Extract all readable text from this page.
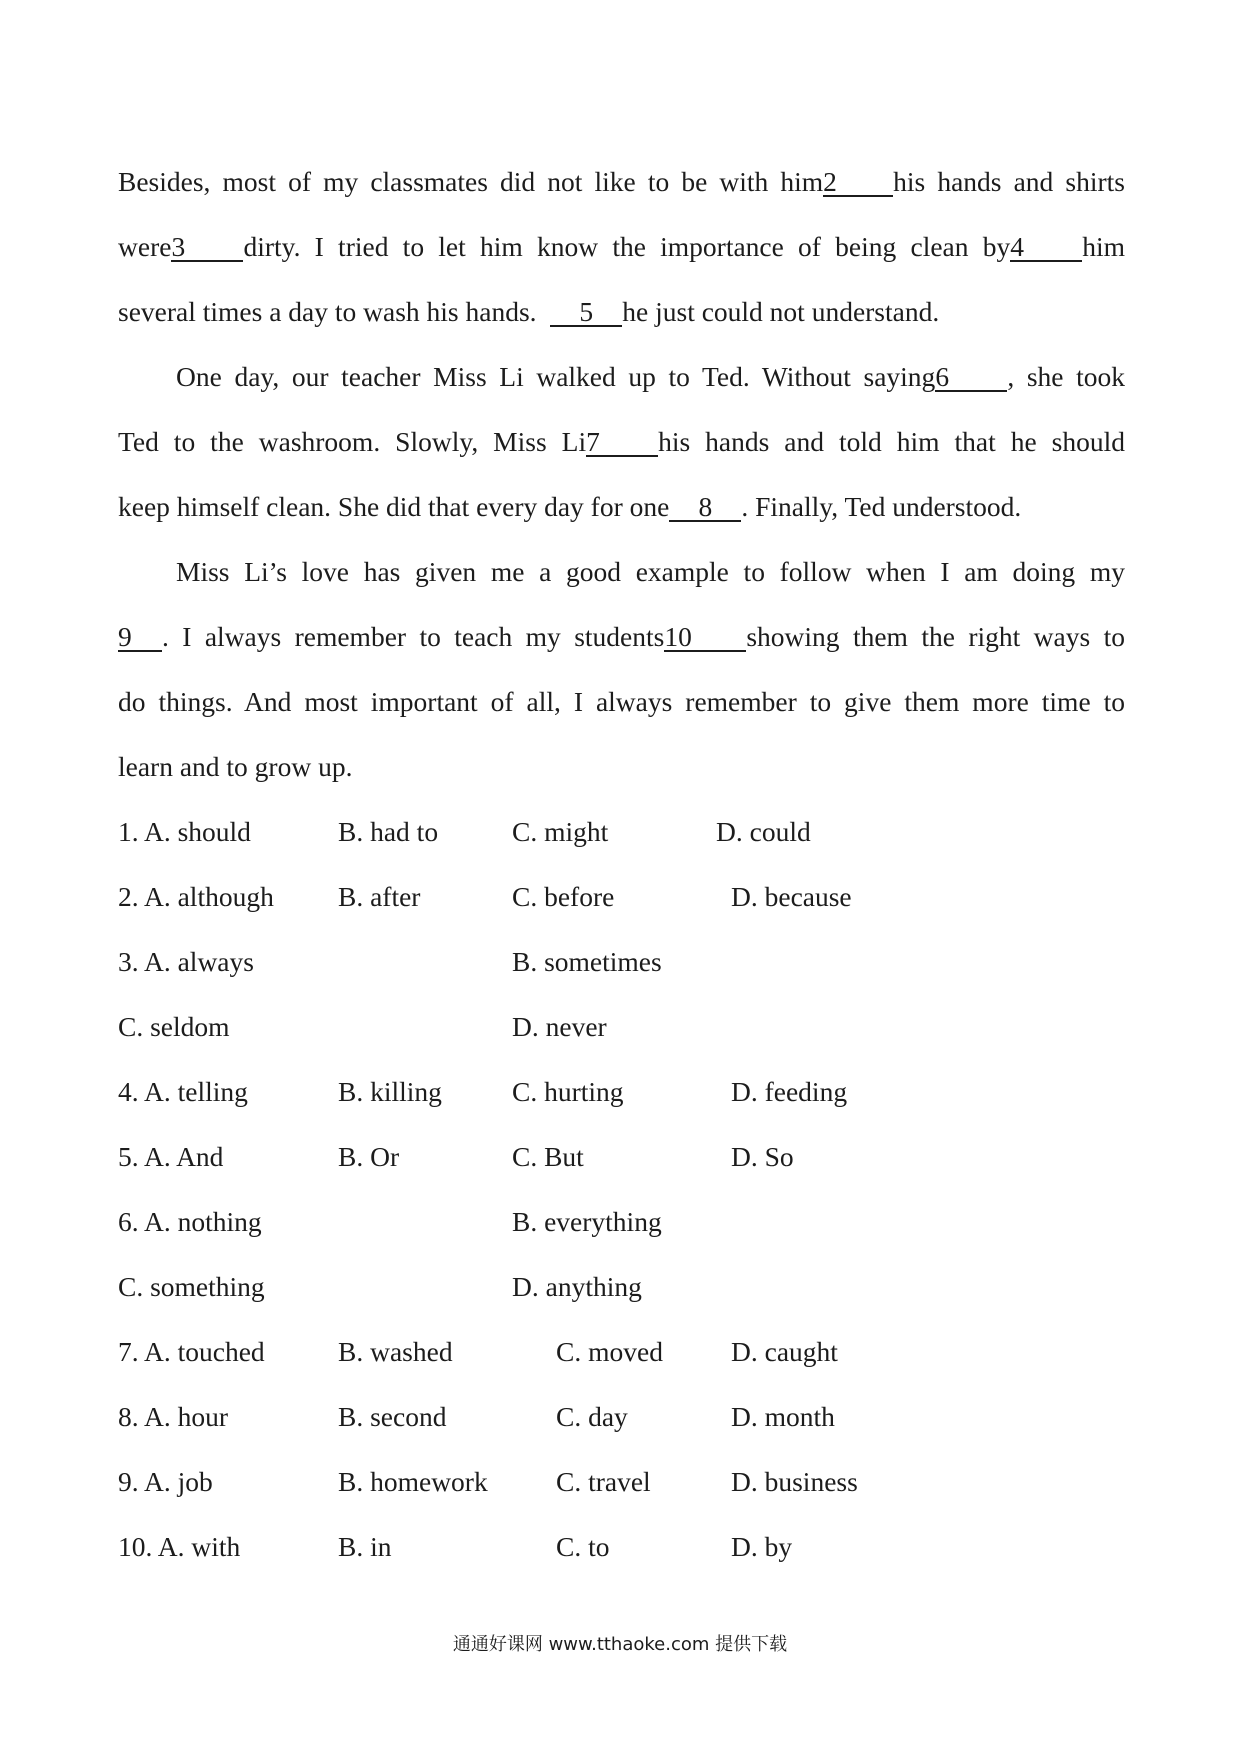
Besides, most of my classmates did not like to be with him2 his hands and shirts
were3 dirty. I tried to let him know the importance of being clean by4 him
several times a day to wash his hands. 5 he just could not understand.
One day, our teacher Miss Li walked up to Ted. Without saying6 , she took
Ted to the washroom. Slowly, Miss Li7 his hands and told him that he should
keep himself clean. She did that every day for one 8 . Finally, Ted understood.
Miss Li’s love has given me a good example to follow when I am doing my
9 . I always remember to teach my students10 showing them the right ways to
do things. And most important of all, I always remember to give them more time to
learn and to grow up.
1. A. should	B. had to	C. might	D. could
2. A. although B. after	C. before	D. because
3. A. always	B. sometimes
C. seldom	D. never
4. A. telling	B. killing	C. hurting	D. feeding
5. A. And	B. Or	C. But	D. So
6. A. nothing	B. everything
C. something	D. anything
7. A. touched	B. washed	C. moved D. caught
8. A. hour	B. second	C. day	D. month
9. A. job	B. homework C. travel	D. business
10. A. with	B. in	C. to	D. by
通通好课网 www.tthaoke.com 提供下载
